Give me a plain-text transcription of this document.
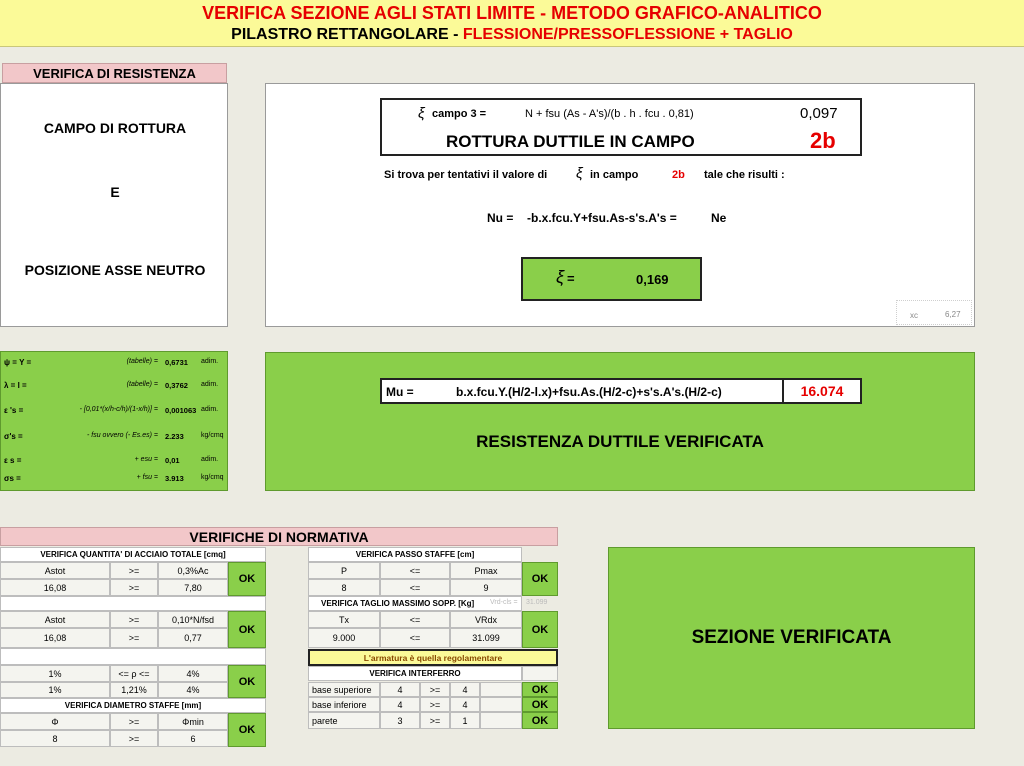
VERIFICA SEZIONE AGLI STATI LIMITE - METODO GRAFICO-ANALITICO
PILASTRO RETTANGOLARE - FLESSIONE/PRESSOFLESSIONE + TAGLIO
VERIFICA DI RESISTENZA
CAMPO DI ROTTURA
E
POSIZIONE ASSE NEUTRO
ξ campo 3 =	N + fsu (As - A's)/(b . h . fcu . 0,81)	0,097
ROTTURA DUTTILE IN CAMPO	2b
Si trova per tentativi il valore di ξ in campo	2b tale che risulti :
Nu = -b.x.fcu.Y+fsu.As-s's.A's =	Ne
ξ =	0,169
xc	6,27
ψ = Y =	(tabelle) = 0,6731 adim.
λ = l =	(tabelle) = 0,3762 adim.
ε 's =	- [0,01*(x/h-c/h)/(1-x/h)] = 0,001063 adim.
σ's =	- fsu ovvero (- Es.es) = 2.233 kg/cmq
ε s =	+ esu = 0,01	adim.
σs =	+ fsu = 3.913 kg/cmq
Mu =	b.x.fcu.Y.(H/2-l.x)+fsu.As.(H/2-c)+s's.A's.(H/2-c)	16.074
RESISTENZA DUTTILE VERIFICATA
VERIFICHE DI NORMATIVA
VERIFICA QUANTITA' DI ACCIAIO TOTALE [cmq]
Astot	>=	0,3%Ac
16,08	>=	7,80
OK
Astot	>=	0,10*N/fsd
16,08	>=	0,77
OK
1%	<= ρ <=	4%
1%	1,21%	4%
OK
VERIFICA DIAMETRO STAFFE [mm]
Φ	>=	Φmin
8	>=	6
OK
VERIFICA PASSO STAFFE [cm]
P	<=	Pmax
8	<=	9
OK
VERIFICA TAGLIO MASSIMO SOPP. [Kg]	Vrd-cls = 31.099
Tx	<=	VRdx
9.000	<=	31.099
OK
L'armatura è quella regolamentare
VERIFICA INTERFERRO
base superiore	4	>=	4	OK
base inferiore	4	>=	4	OK
parete	3	>=	1	OK
SEZIONE VERIFICATA
